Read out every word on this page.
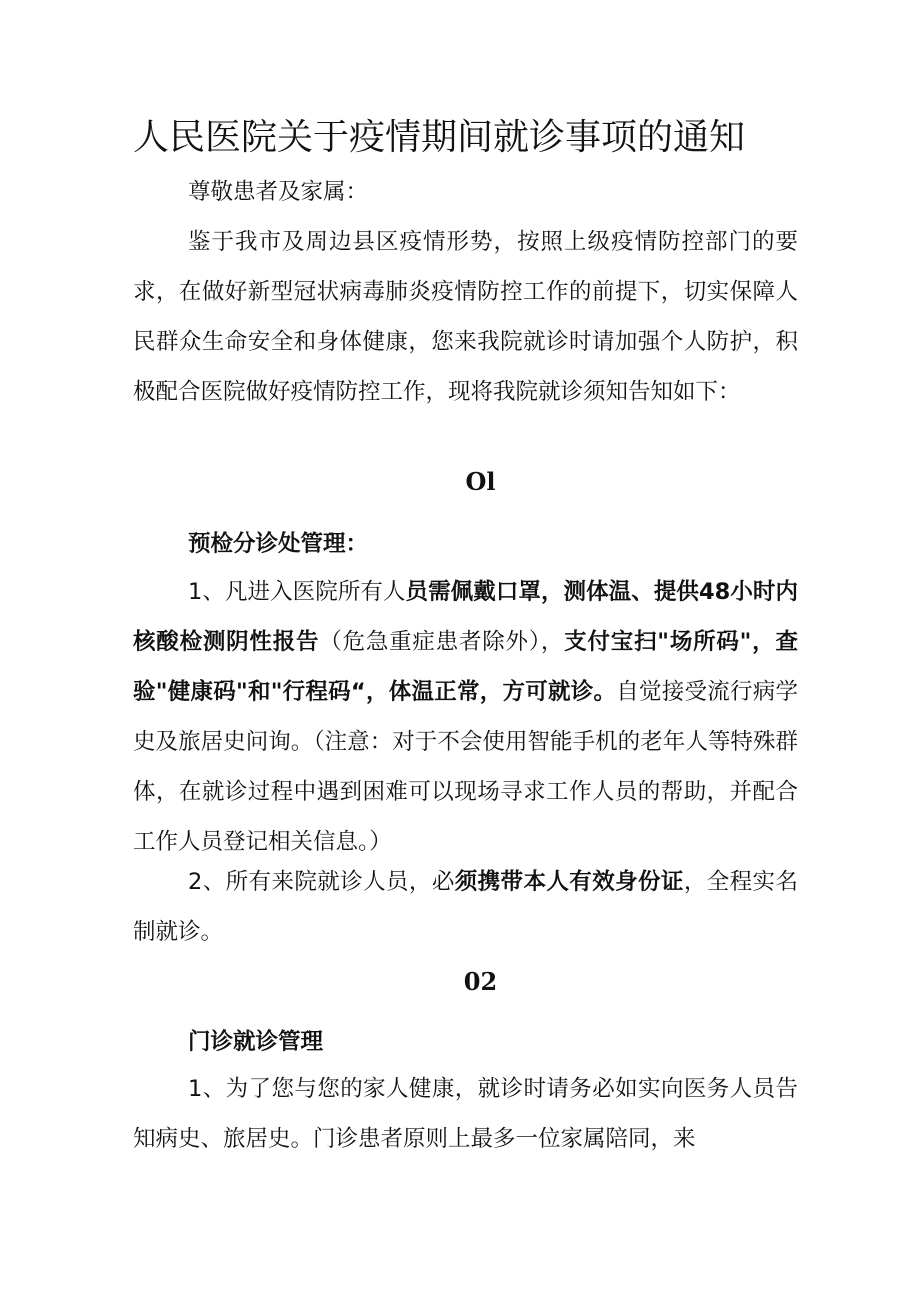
人民医院关于疫情期间就诊事项的通知

尊敬患者及家属：

鉴于我市及周边县区疫情形势，按照上级疫情防控部门的要求，在做好新型冠状病毒肺炎疫情防控工作的前提下，切实保障人民群众生命安全和身体健康，您来我院就诊时请加强个人防护，积极配合医院做好疫情防控工作，现将我院就诊须知告知如下：

Ol
预检分诊处管理：

1、凡进入医院所有人员需佩戴口罩，测体温、提供48小时内核酸检测阴性报告（危急重症患者除外），支付宝扫"场所码"，查验"健康码"和"行程码“，体温正常，方可就诊。自觉接受流行病学史及旅居史问询。（注意：对于不会使用智能手机的老年人等特殊群体，在就诊过程中遇到困难可以现场寻求工作人员的帮助，并配合工作人员登记相关信息。）

2、所有来院就诊人员，必须携带本人有效身份证，全程实名制就诊。

02
门诊就诊管理

1、为了您与您的家人健康，就诊时请务必如实向医务人员告知病史、旅居史。门诊患者原则上最多一位家属陪同，来
